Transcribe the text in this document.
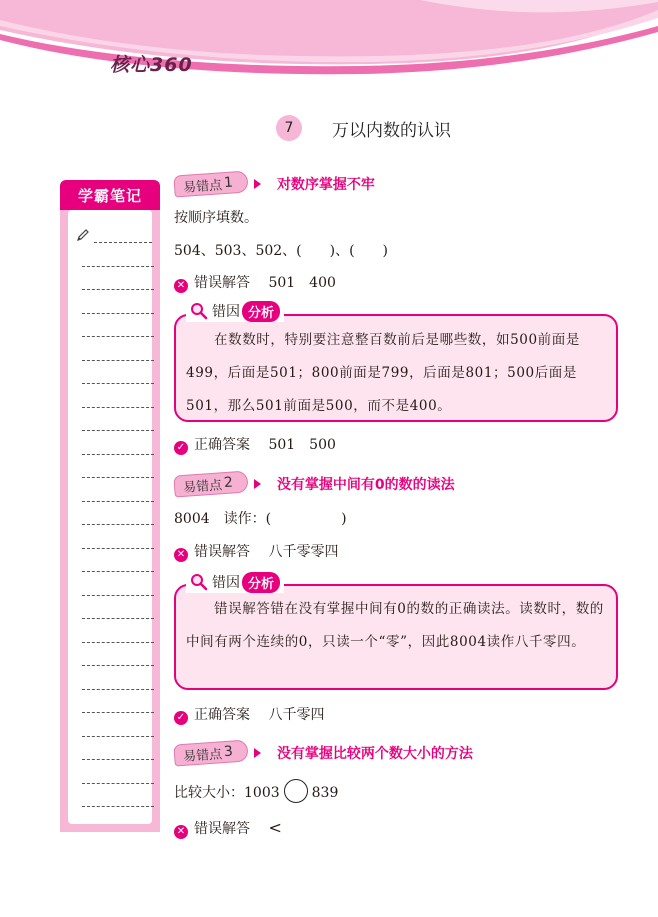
核心360
7	万以内数的认识
学霸笔记	易错点 1	对数序掌握不牢
按顺序填数。
504、503、502、(　　)、(　　)
✕ 错误解答 501　400
在数数时，特别要注意整百数前后是哪些数，如500前面是499，后面是501；800前面是799，后面是801；500后面是501，那么501前面是500，而不是400。
错因 分析
✓ 正确答案 501　500
易错点 2	没有掌握中间有0的数的读法
8004　读作：(　　　　　)
✕ 错误解答 八千零零四
错误解答错在没有掌握中间有0的数的正确读法。读数时，数的中间有两个连续的0，只读一个“零”，因此8004读作八千零四。
错因 分析
✓ 正确答案 八千零四
易错点 3	没有掌握比较两个数大小的方法
比较大小：1003 839
✕ 错误解答 <
